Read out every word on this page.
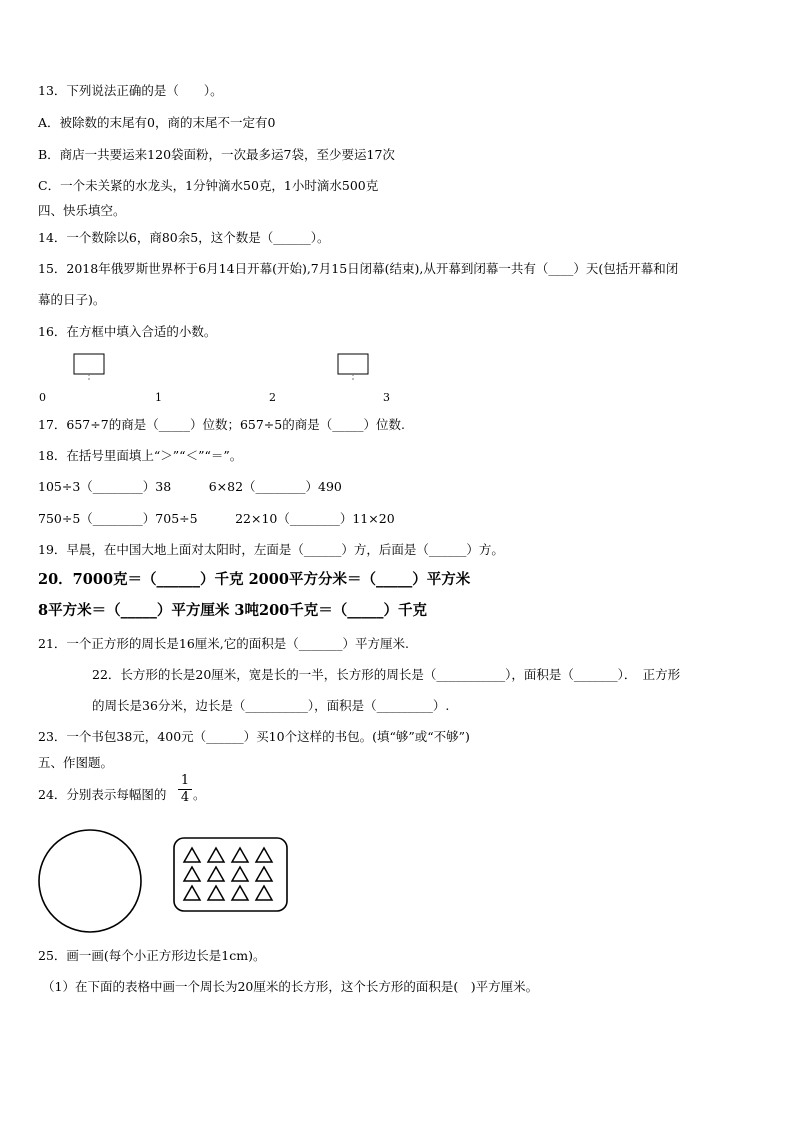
13．下列说法正确的是（　　）。
A．被除数的末尾有0，商的末尾不一定有0
B．商店一共要运来120袋面粉，一次最多运7袋，至少要运17次
C．一个未关紧的水龙头，1分钟滴水50克，1小时滴水500克
四、快乐填空。
14．一个数除以6，商80余5，这个数是（______）。
15．2018年俄罗斯世界杯于6月14日开幕(开始),7月15日闭幕(结束),从开幕到闭幕一共有（____）天(包括开幕和闭
幕的日子)。
16．在方框中填入合适的小数。
0	1	2	3
17．657÷7的商是（_____）位数；657÷5的商是（_____）位数.
18．在括号里面填上“＞”“＜”“＝”。
105÷3（________）38　　　6×82（________）490
750÷5（________）705÷5　　　22×10（________）11×20
19．早晨，在中国大地上面对太阳时，左面是（______）方，后面是（______）方。
20．7000克＝（______）千克 2000平方分米＝（_____）平方米
8平方米＝（_____）平方厘米 3吨200千克＝（_____）千克
21．一个正方形的周长是16厘米,它的面积是（_______）平方厘米.
22．长方形的长是20厘米，宽是长的一半，长方形的周长是（___________），面积是（_______）．　正方形
的周长是36分米，边长是（__________），面积是（_________）.
23．一个书包38元，400元（______）买10个这样的书包。(填“够”或“不够”)
五、作图题。
24．分别表示每幅图的
1
4 。
25．画一画(每个小正方形边长是1cm)。
（1）在下面的表格中画一个周长为20厘米的长方形，这个长方形的面积是(　)平方厘米。
